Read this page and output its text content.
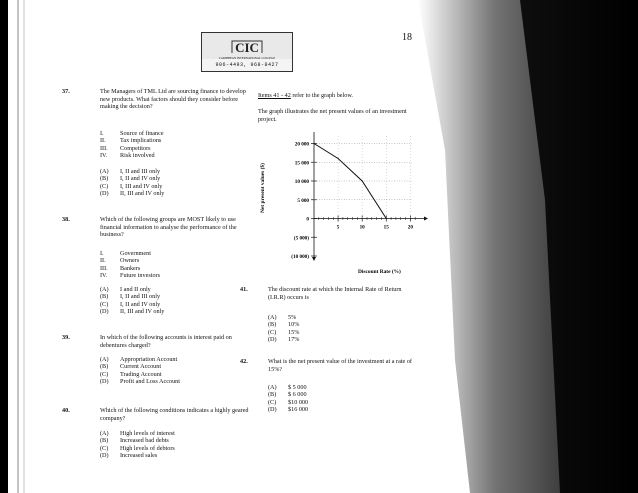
18
CIC
CARIBBEAN INTERNATIONAL COLLEGE
906-4493, 968-8427
37.	The Managers of TML Ltd are sourcing finance to develop new products. What factors should they consider before making the decision?
I.	Source of finance
II.	Tax implications
III.	Competitors
IV.	Risk involved
(A)	I, II and III only
(B)	I, II and IV only
(C)	I, III and IV only
(D)	II, III and IV only
38.	Which of the following groups are MOST likely to use financial information to analyse the performance of the business?
I.	Government
II.	Owners
III.	Bankers
IV.	Future investors
(A)	I and II only
(B)	I, II and III only
(C)	I, II and IV only
(D)	II, III and IV only
39.	In which of the following accounts is interest paid on debentures charged?
(A)	Appropriation Account
(B)	Current Account
(C)	Trading Account
(D)	Profit and Loss Account
40.	Which of the following conditions indicates a highly geared company?
(A)	High levels of interest
(B)	Increased bad debts
(C)	High levels of debtors
(D)	Increased sales
Items 41 - 42 refer to the graph below.
The graph illustrates the net present values of an investment project.
Net present values ($)
20 000
15 000
10 000
5 000
0
(5 000)
(10 000)
5	10	15	20
Discount Rate (%)
41.	The discount rate at which the Internal Rate of Return (I.R.R) occurs is
(A)	5%
(B)	10%
(C)	15%
(D)	17%
42.	What is the net present value of the investment at a rate of 15%?
(A)	$ 5 000
(B)	$ 6 000
(C)	$10 000
(D)	$16 000
